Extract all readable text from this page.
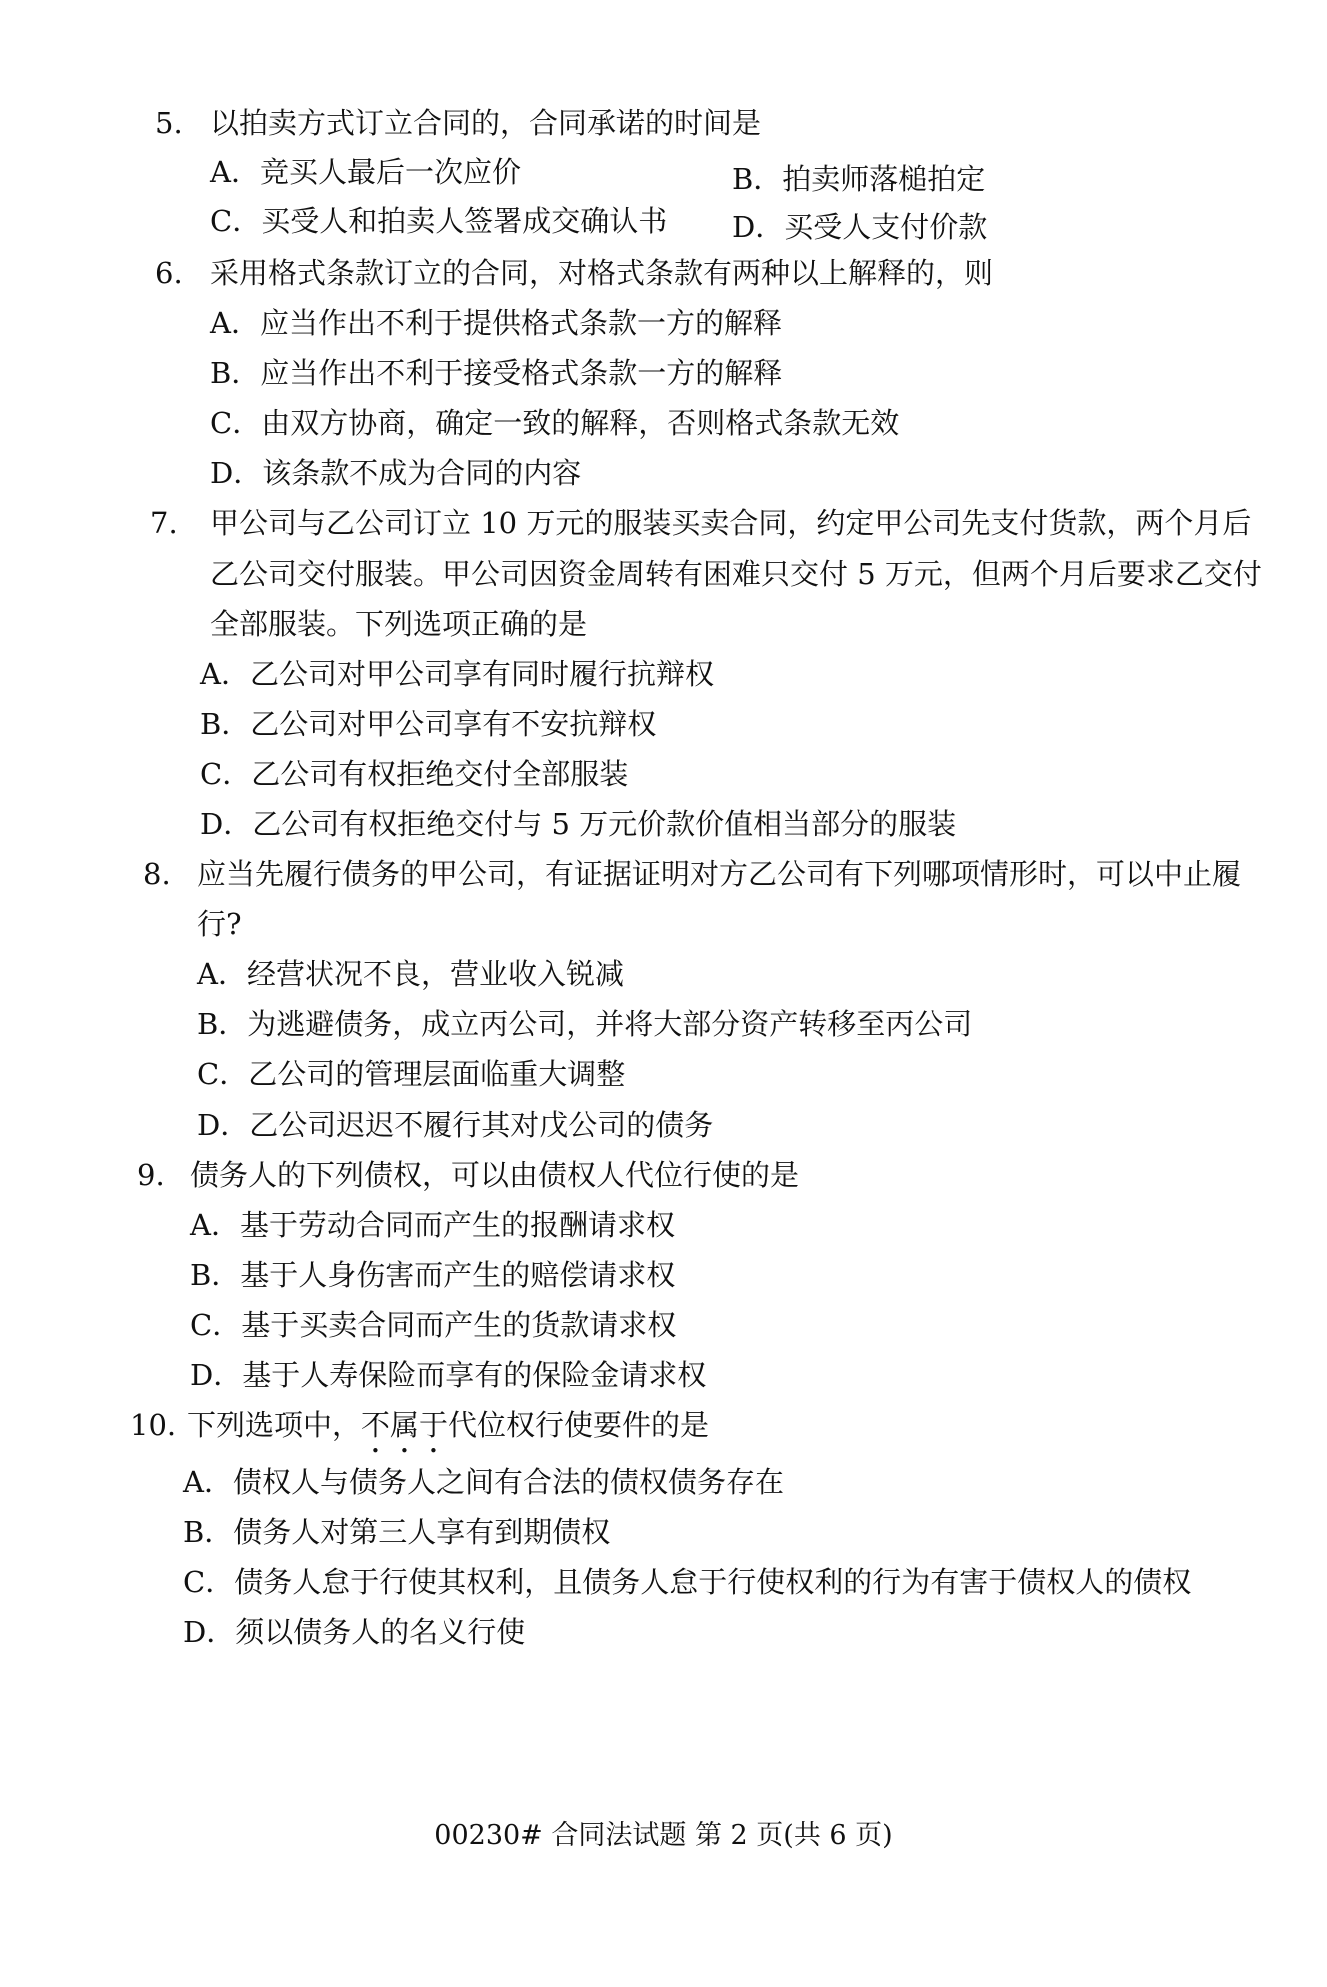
5. 以拍卖方式订立合同的，合同承诺的时间是
A．竞买人最后一次应价	B．拍卖师落槌拍定
C．买受人和拍卖人签署成交确认书 D．买受人支付价款
6. 采用格式条款订立的合同，对格式条款有两种以上解释的，则
A．应当作出不利于提供格式条款一方的解释
B．应当作出不利于接受格式条款一方的解释
C．由双方协商，确定一致的解释，否则格式条款无效
D．该条款不成为合同的内容
7. 甲公司与乙公司订立 10 万元的服装买卖合同，约定甲公司先支付货款，两个月后
乙公司交付服装。甲公司因资金周转有困难只交付 5 万元，但两个月后要求乙交付
全部服装。下列选项正确的是
A．乙公司对甲公司享有同时履行抗辩权
B．乙公司对甲公司享有不安抗辩权
C．乙公司有权拒绝交付全部服装
D．乙公司有权拒绝交付与 5 万元价款价值相当部分的服装
8. 应当先履行债务的甲公司，有证据证明对方乙公司有下列哪项情形时，可以中止履
行?
A．经营状况不良，营业收入锐减
B．为逃避债务，成立丙公司，并将大部分资产转移至丙公司
C．乙公司的管理层面临重大调整
D．乙公司迟迟不履行其对戊公司的债务
9. 债务人的下列债权，可以由债权人代位行使的是
A．基于劳动合同而产生的报酬请求权
B．基于人身伤害而产生的赔偿请求权
C．基于买卖合同而产生的货款请求权
D．基于人寿保险而享有的保险金请求权
10. 下列选项中，不属于代位权行使要件的是
A．债权人与债务人之间有合法的债权债务存在
B．债务人对第三人享有到期债权
C．债务人怠于行使其权利，且债务人怠于行使权利的行为有害于债权人的债权
D．须以债务人的名义行使
00230# 合同法试题 第 2 页(共 6 页)
